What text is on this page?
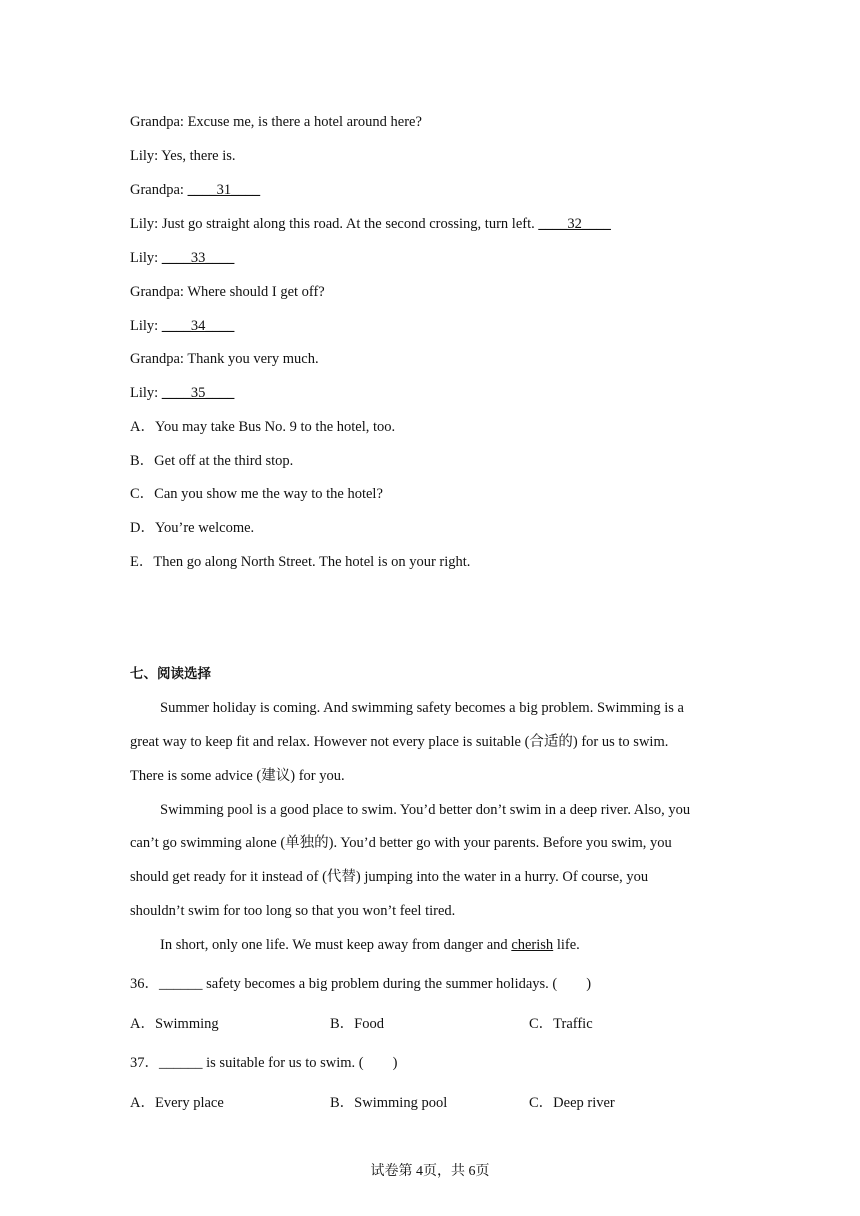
Grandpa: Excuse me, is there a hotel around here?
Lily: Yes, there is.
Grandpa: ____31____
Lily: Just go straight along this road. At the second crossing, turn left. ____32____
Lily: ____33____
Grandpa: Where should I get off?
Lily: ____34____
Grandpa: Thank you very much.
Lily: ____35____
A．You may take Bus No. 9 to the hotel, too.
B．Get off at the third stop.
C．Can you show me the way to the hotel?
D．You’re welcome.
E．Then go along North Street. The hotel is on your right.
七、阅读选择
Summer holiday is coming. And swimming safety becomes a big problem. Swimming is a
great way to keep fit and relax. However not every place is suitable (合适的) for us to swim.
There is some advice (建议) for you.
Swimming pool is a good place to swim. You’d better don’t swim in a deep river. Also, you
can’t go swimming alone (单独的). You’d better go with your parents. Before you swim, you
should get ready for it instead of (代替) jumping into the water in a hurry. Of course, you
shouldn’t swim for too long so that you won’t feel tired.
In short, only one life. We must keep away from danger and cherish life.
36．______ safety becomes a big problem during the summer holidays. (　　)
A．Swimming	B．Food	C．Traffic
37．______ is suitable for us to swim. (　　)
A．Every place	B．Swimming pool	C．Deep river
试卷第 4页，共 6页
